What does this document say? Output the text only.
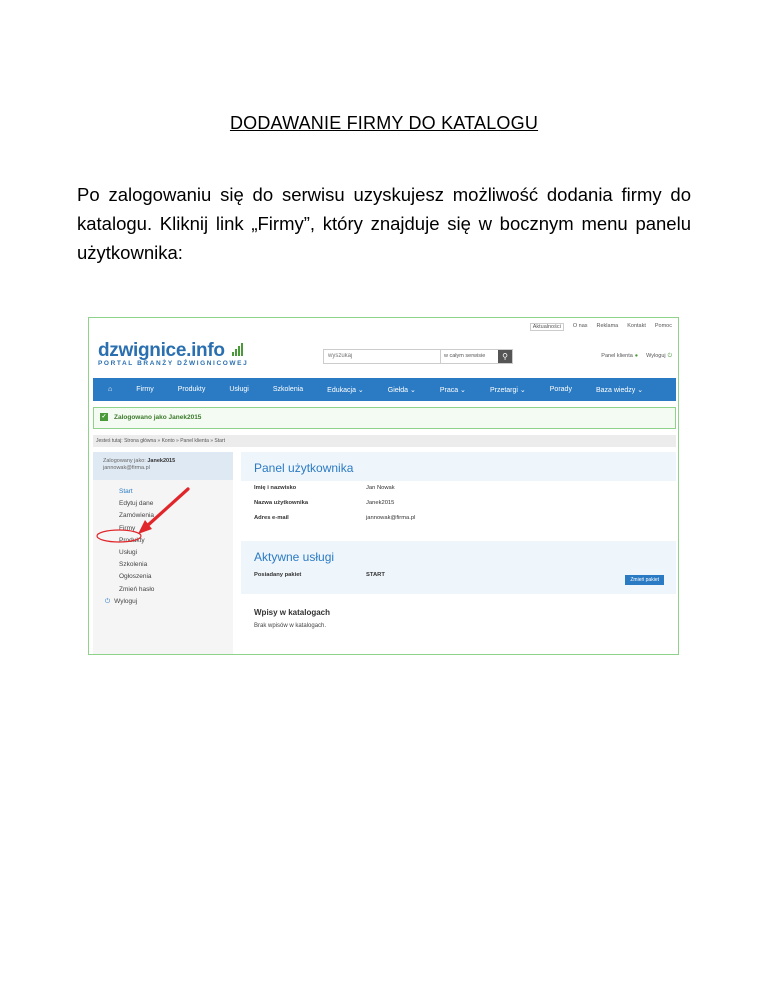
DODAWANIE FIRMY DO KATALOGU
Po zalogowaniu się do serwisu uzyskujesz możliwość dodania firmy do katalogu. Kliknij link „Firmy”, który znajduje się w bocznym menu panelu użytkownika:
Aktualności	O nas Reklama Kontakt Pomoc
dzwignice.info
PORTAL BRANŻY DŹWIGNICOWEJ
wyszukaj
w całym serwisie	⚲	Panel klienta ● Wyloguj ⏻
⌂	Firmy	Produkty	Usługi	Szkolenia	Edukacja ⌄	Giełda ⌄	Praca ⌄	Przetargi ⌄	Porady	Baza wiedzy ⌄
✓ Zalogowano jako Janek2015
Jesteś tutaj: Strona główna » Konto » Panel klienta » Start
Zalogowany jako: Janek2015
jannowak@firma.pl
Start
Edytuj dane
Zamówienia
Firmy
Produkty
Usługi
Szkolenia
Ogłoszenia
Zmień hasło
⏻ Wyloguj
Panel użytkownika
Imię i nazwisko	Jan Nowak
Nazwa użytkownika	Janek2015
Adres e-mail	jannowak@firma.pl
Aktywne usługi
Posiadany pakiet	START
Zmień pakiet
Wpisy w katalogach
Brak wpisów w katalogach.
